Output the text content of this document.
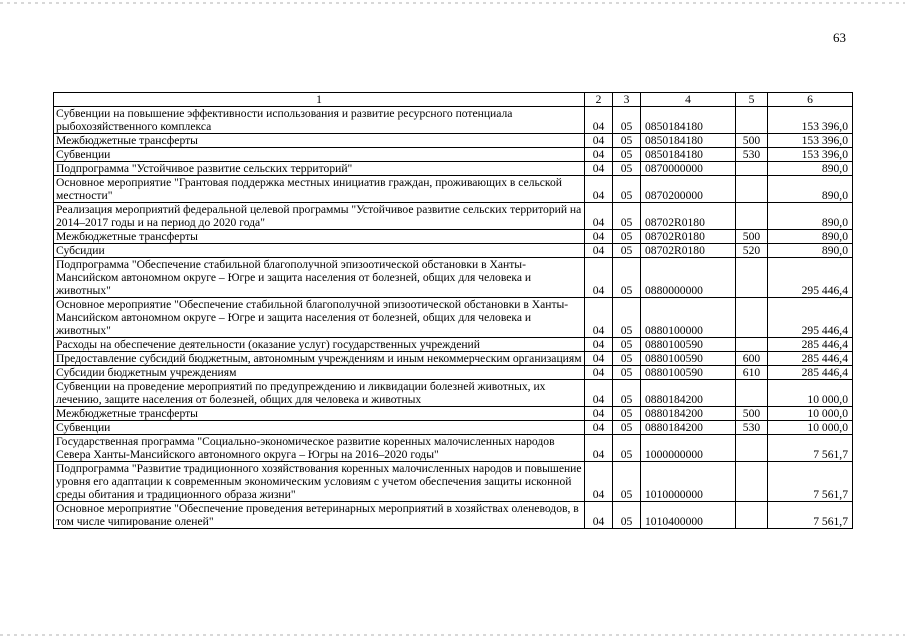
63
1	2	3	4	5	6
Субвенции на повышение эффективности использования и развитие ресурсного потенциала рыбохозяйственного комплекса	04	05	0850184180		153 396,0
Межбюджетные трансферты	04	05	0850184180	500	153 396,0
Субвенции	04	05	0850184180	530	153 396,0
Подпрограмма "Устойчивое развитие сельских территорий"	04	05	0870000000		890,0
Основное мероприятие "Грантовая поддержка местных инициатив граждан, проживающих в сельской местности"	04	05	0870200000		890,0
Реализация мероприятий федеральной целевой программы "Устойчивое развитие сельских территорий на 2014–2017 годы и на период до 2020 года"	04	05	08702R0180		890,0
Межбюджетные трансферты	04	05	08702R0180	500	890,0
Субсидии	04	05	08702R0180	520	890,0
Подпрограмма "Обеспечение стабильной благополучной эпизоотической обстановки в Ханты-Мансийском автономном округе – Югре и защита населения от болезней, общих для человека и животных"	04	05	0880000000		295 446,4
Основное мероприятие "Обеспечение стабильной благополучной эпизоотической обстановки в Ханты-Мансийском автономном округе – Югре и защита населения от болезней, общих для человека и животных"	04	05	0880100000		295 446,4
Расходы на обеспечение деятельности (оказание услуг) государственных учреждений	04	05	0880100590		285 446,4
Предоставление субсидий бюджетным, автономным учреждениям и иным некоммерческим организациям	04	05	0880100590	600	285 446,4
Субсидии бюджетным учреждениям	04	05	0880100590	610	285 446,4
Субвенции на проведение мероприятий по предупреждению и ликвидации болезней животных, их лечению, защите населения от болезней, общих для человека и животных	04	05	0880184200		10 000,0
Межбюджетные трансферты	04	05	0880184200	500	10 000,0
Субвенции	04	05	0880184200	530	10 000,0
Государственная программа "Социально-экономическое развитие коренных малочисленных народов Севера Ханты-Мансийского автономного округа – Югры на 2016–2020 годы"	04	05	1000000000		7 561,7
Подпрограмма "Развитие традиционного хозяйствования коренных малочисленных народов и повышение уровня его адаптации к современным экономическим условиям с учетом обеспечения защиты исконной среды обитания и традиционного образа жизни"	04	05	1010000000		7 561,7
Основное мероприятие "Обеспечение проведения ветеринарных мероприятий в хозяйствах оленеводов, в том числе чипирование оленей"	04	05	1010400000		7 561,7
